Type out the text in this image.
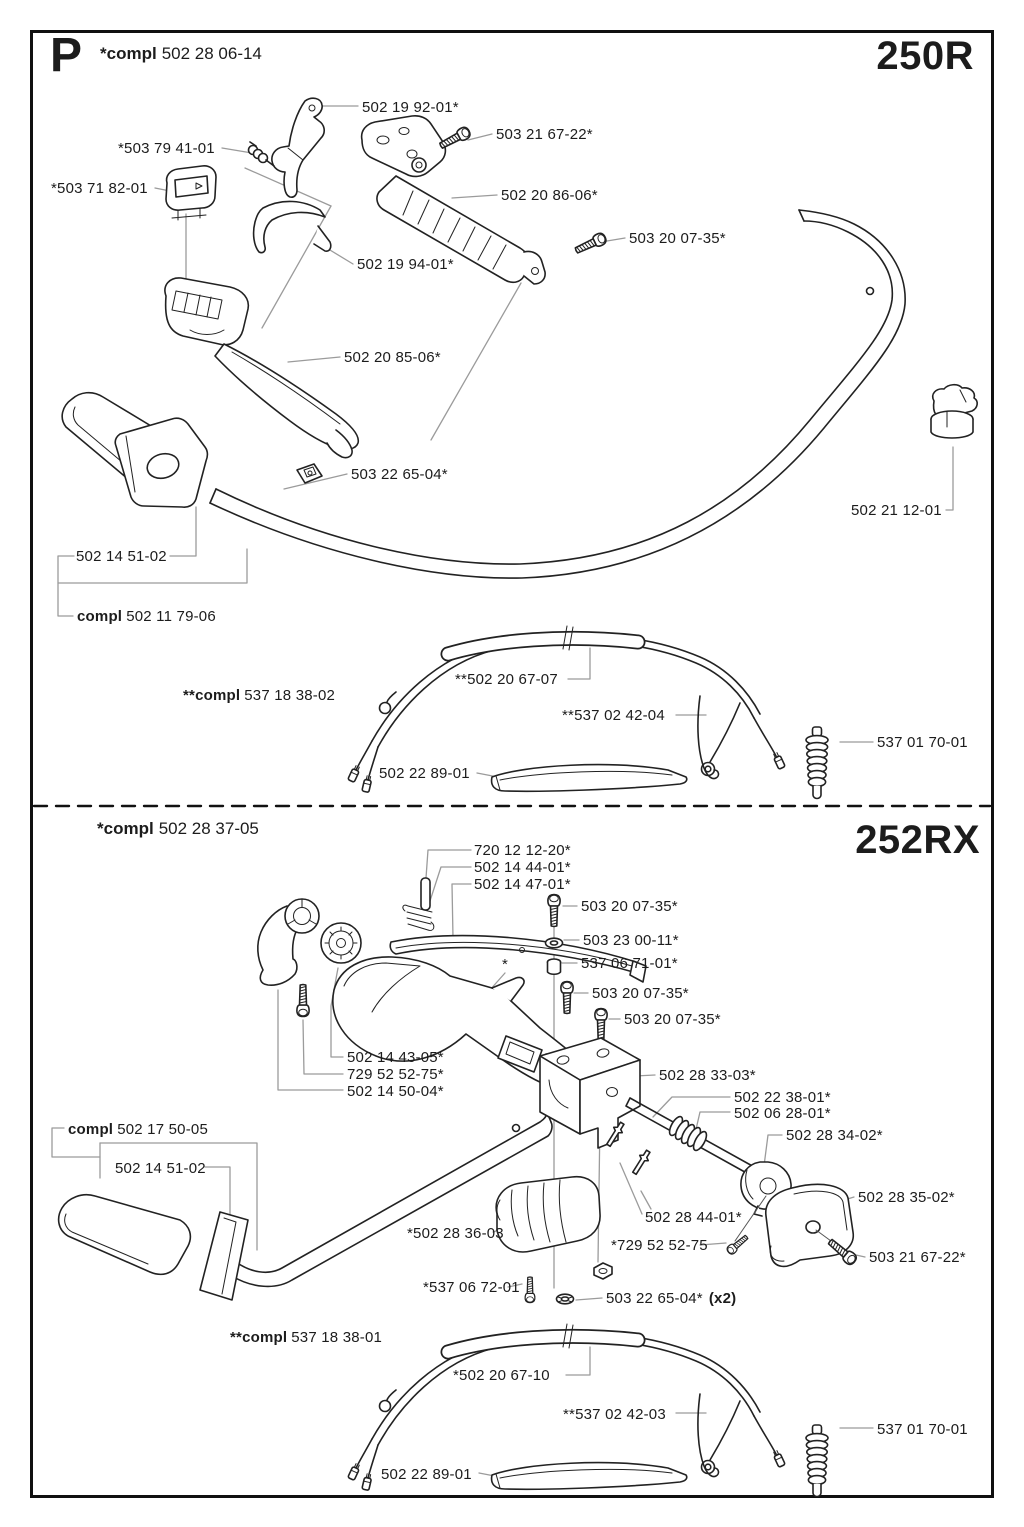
P	250R
252RX
*compl 502 28 06-14
*compl 502 28 37-05
502 19 92-01*
503 21 67-22*
*503 79 41-01
*503 71 82-01	502 20 86-06*
503 20 07-35*
502 19 94-01*
502 20 85-06*
503 22 65-04*
502 21 12-01
502 14 51-02
compl 502 11 79-06
**compl 537 18 38-02
**502 20 67-07
**537 02 42-04
537 01 70-01
502 22 89-01
720 12 12-20*
502 14 44-01*
502 14 47-01*
503 20 07-35*
503 23 00-11*
537 06 71-01*
503 20 07-35*
503 20 07-35*
*
502 14 43-05*
729 52 52-75*
502 14 50-04*
502 28 33-03*
502 22 38-01*
502 06 28-01*
502 28 34-02*
compl 502 17 50-05
502 14 51-02
502 28 35-02*
*502 28 36-03
502 28 44-01*
*729 52 52-75
503 21 67-22*
*537 06 72-01
503 22 65-04* (x2)
**compl 537 18 38-01
*502 20 67-10
**537 02 42-03
537 01 70-01
502 22 89-01
